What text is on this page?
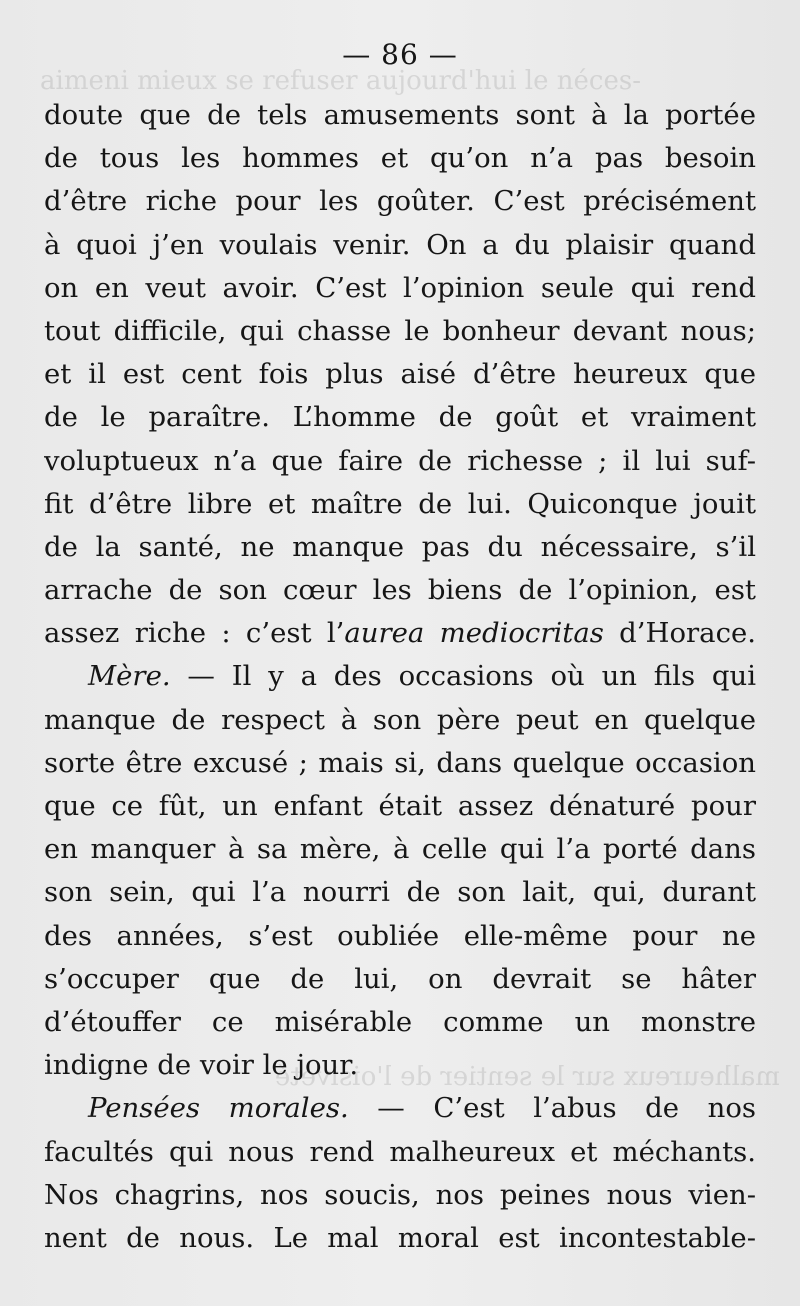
aimeni mieux se refuser aujourd'hui le néces-
malheureux sur le sentier de l'oisiveté
— 86 —
doute que de tels amusements sont à la portée
de tous les hommes et qu’on n’a pas besoin
d’être riche pour les goûter. C’est précisément
à quoi j’en voulais venir. On a du plaisir quand
on en veut avoir. C’est l’opinion seule qui rend
tout difficile, qui chasse le bonheur devant nous;
et il est cent fois plus aisé d’être heureux que
de le paraître. L’homme de goût et vraiment
voluptueux n’a que faire de richesse ; il lui suf-
fit d’être libre et maître de lui. Quiconque jouit
de la santé, ne manque pas du nécessaire, s’il
arrache de son cœur les biens de l’opinion, est
assez riche : c’est l’aurea mediocritas d’Horace.
Mère. — Il y a des occasions où un fils qui
manque de respect à son père peut en quelque
sorte être excusé ; mais si, dans quelque occasion
que ce fût, un enfant était assez dénaturé pour
en manquer à sa mère, à celle qui l’a porté dans
son sein, qui l’a nourri de son lait, qui, durant
des années, s’est oubliée elle-même pour ne
s’occuper que de lui, on devrait se hâter
d’étouffer ce misérable comme un monstre
indigne de voir le jour.
Pensées morales. — C’est l’abus de nos
facultés qui nous rend malheureux et méchants.
Nos chagrins, nos soucis, nos peines nous vien-
nent de nous. Le mal moral est incontestable-
